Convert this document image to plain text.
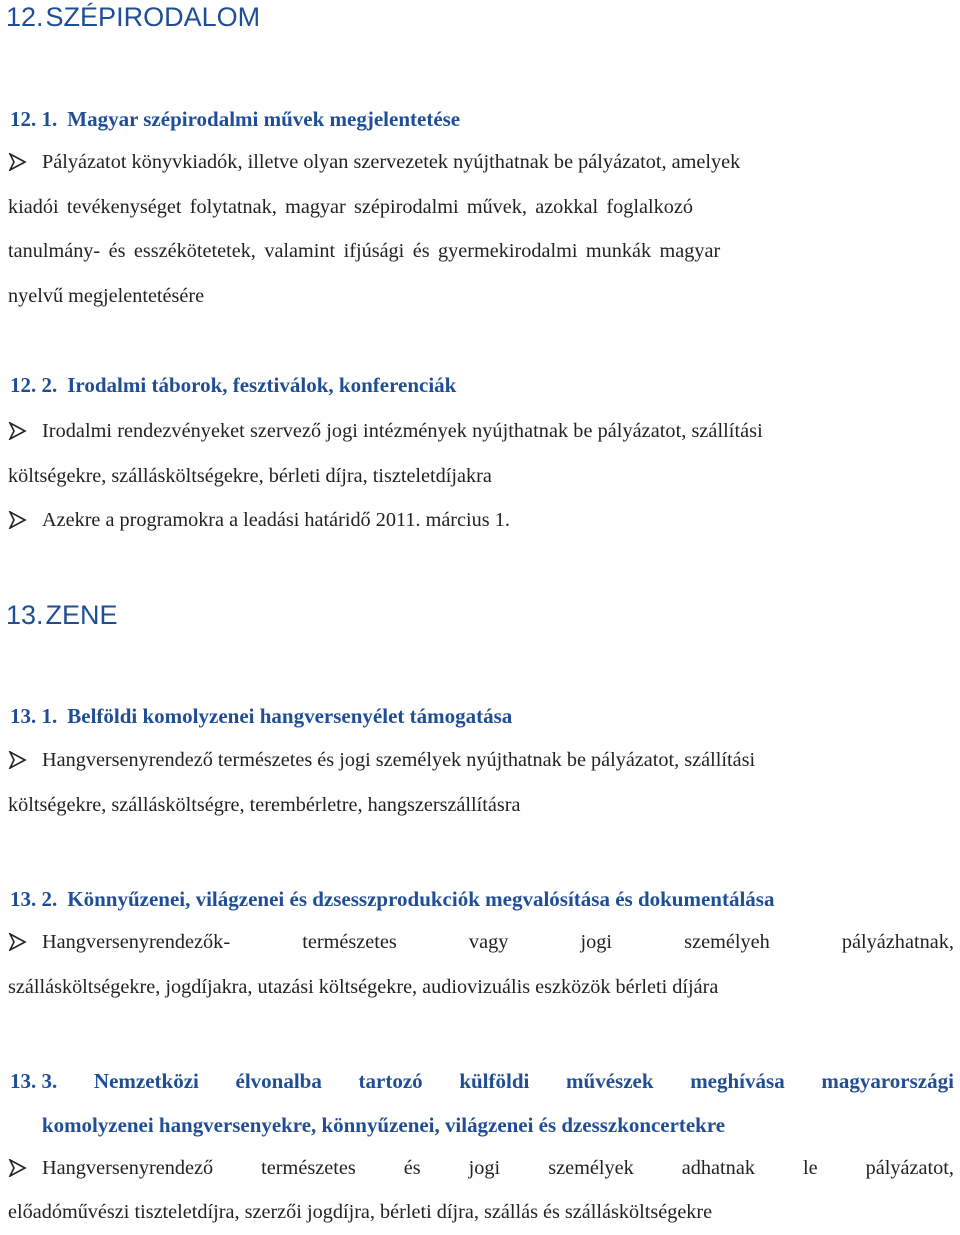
12.SZÉPIRODALOM
12. 1. Magyar szépirodalmi művek megjelentetése
Pályázatot könyvkiadók, illetve olyan szervezetek nyújthatnak be pályázatot, amelyek
kiadói tevékenységet folytatnak, magyar szépirodalmi művek, azokkal foglalkozó
tanulmány- és esszékötetetek, valamint ifjúsági és gyermekirodalmi munkák magyar
nyelvű megjelentetésére
12. 2. Irodalmi táborok, fesztiválok, konferenciák
Irodalmi rendezvényeket szervező jogi intézmények nyújthatnak be pályázatot, szállítási
költségekre, szállásköltségekre, bérleti díjra, tiszteletdíjakra
Azekre a programokra a leadási határidő 2011. március 1.
13.ZENE
13. 1. Belföldi komolyzenei hangversenyélet támogatása
Hangversenyrendező természetes és jogi személyek nyújthatnak be pályázatot, szállítási
költségekre, szállásköltségre, terembérletre, hangszerszállításra
13. 2. Könnyűzenei, világzenei és dzsesszprodukciók megvalósítása és dokumentálása
Hangversenyrendezők-	természetes	vagy	jogi	személyeh	pályázhatnak,
szállásköltségekre, jogdíjakra, utazási költségekre, audiovizuális eszközök bérleti díjára
13. 3. Nemzetközi élvonalba tartozó külföldi művészek meghívása magyarországi
komolyzenei hangversenyekre, könnyűzenei, világzenei és dzesszkoncertekre
Hangversenyrendező természetes és jogi személyek adhatnak le pályázatot,
előadóművészi tiszteletdíjra, szerzői jogdíjra, bérleti díjra, szállás és szállásköltségekre
